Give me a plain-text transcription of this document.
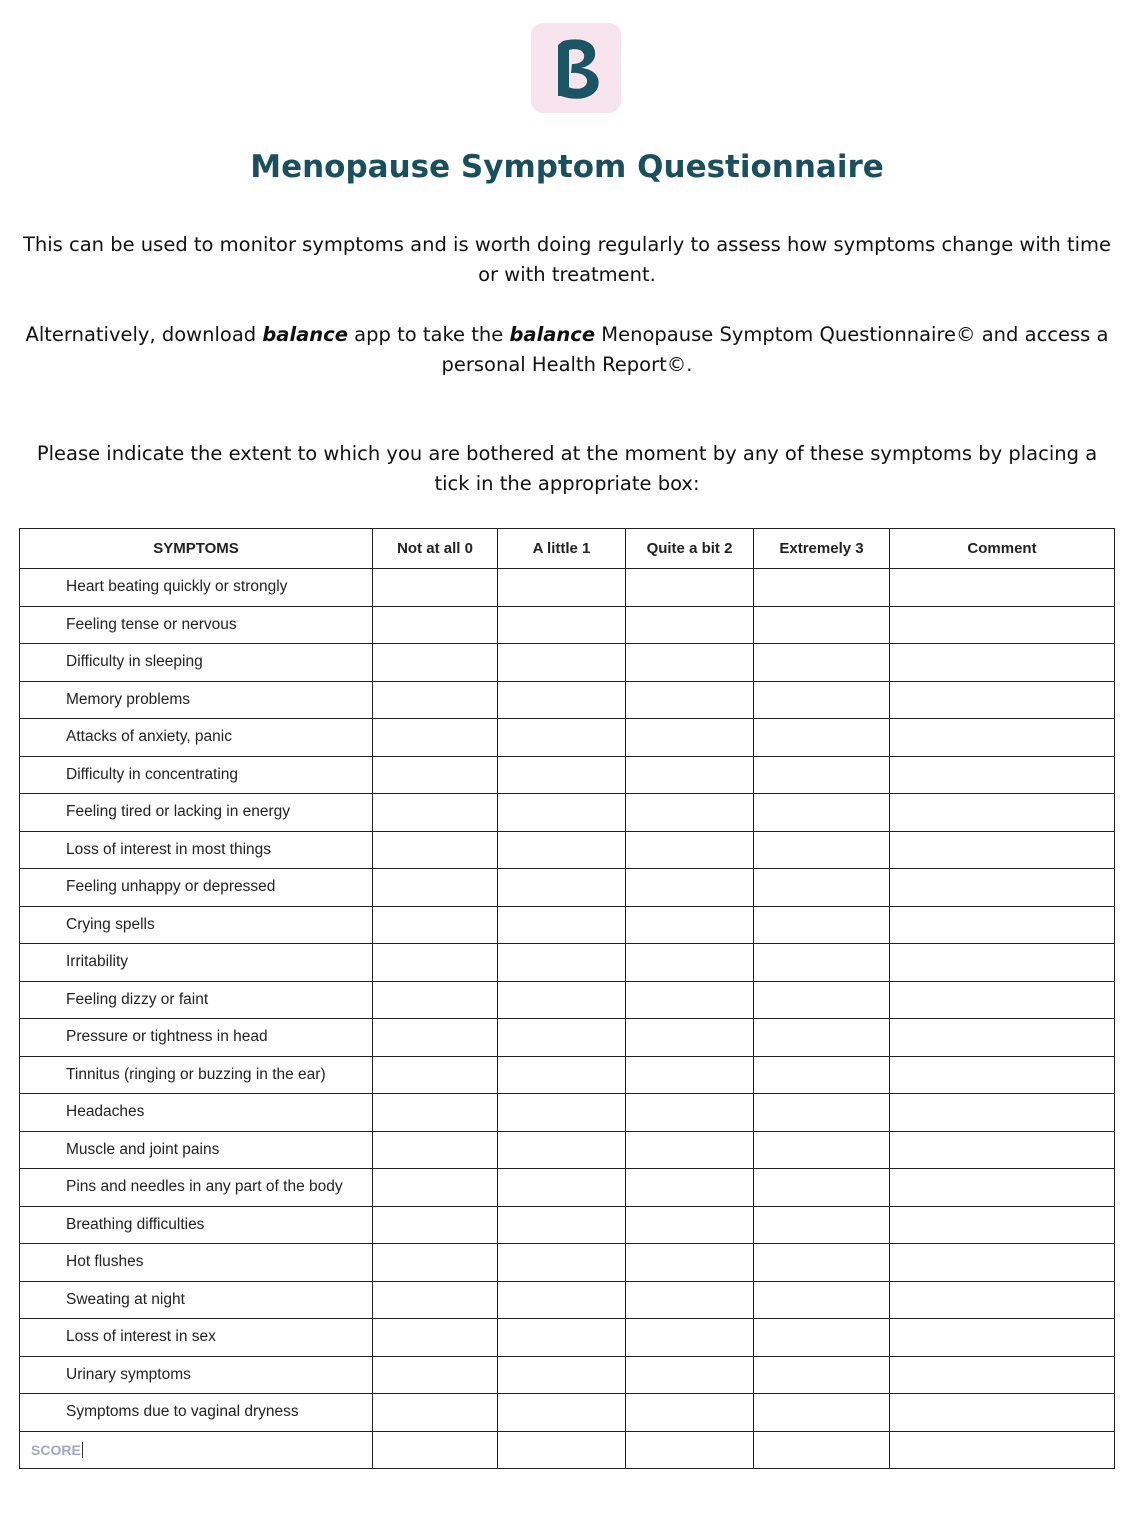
Menopause Symptom Questionnaire

This can be used to monitor symptoms and is worth doing regularly to assess how symptoms change with time or with treatment.

Alternatively, download balance app to take the balance Menopause Symptom Questionnaire© and access a personal Health Report©.

Please indicate the extent to which you are bothered at the moment by any of these symptoms by placing a tick in the appropriate box:

SYMPTOMS	Not at all 0	A little 1	Quite a bit 2	Extremely 3	Comment
Heart beating quickly or strongly					
Feeling tense or nervous					
Difficulty in sleeping					
Memory problems					
Attacks of anxiety, panic					
Difficulty in concentrating					
Feeling tired or lacking in energy					
Loss of interest in most things					
Feeling unhappy or depressed					
Crying spells					
Irritability					
Feeling dizzy or faint					
Pressure or tightness in head					
Tinnitus (ringing or buzzing in the ear)					
Headaches					
Muscle and joint pains					
Pins and needles in any part of the body					
Breathing difficulties					
Hot flushes					
Sweating at night					
Loss of interest in sex					
Urinary symptoms					
Symptoms due to vaginal dryness					
SCORE					
